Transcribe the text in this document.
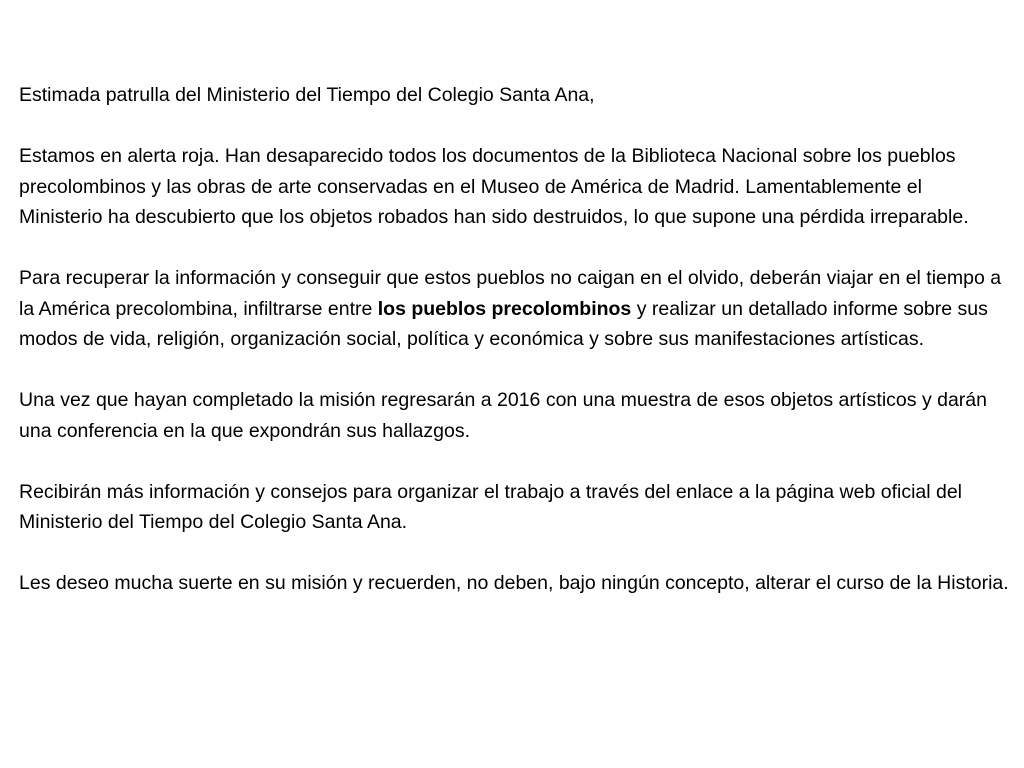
Estimada patrulla del Ministerio del Tiempo del Colegio Santa Ana,

Estamos en alerta roja. Han desaparecido todos los documentos de la Biblioteca Nacional sobre los pueblos precolombinos y las obras de arte conservadas en el Museo de América de Madrid. Lamentablemente el Ministerio ha descubierto que los objetos robados han sido destruidos, lo que supone una pérdida irreparable.

Para recuperar la información y conseguir que estos pueblos no caigan en el olvido, deberán viajar en el tiempo a la América precolombina, infiltrarse entre los pueblos precolombinos y realizar un detallado informe sobre sus modos de vida, religión, organización social, política y económica y sobre sus manifestaciones artísticas.

Una vez que hayan completado la misión regresarán a 2016 con una muestra de esos objetos artísticos y darán una conferencia en la que expondrán sus hallazgos.

Recibirán más información y consejos para organizar el trabajo a través del enlace a la página web oficial del Ministerio del Tiempo del Colegio Santa Ana.

Les deseo mucha suerte en su misión y recuerden, no deben, bajo ningún concepto, alterar el curso de la Historia.
